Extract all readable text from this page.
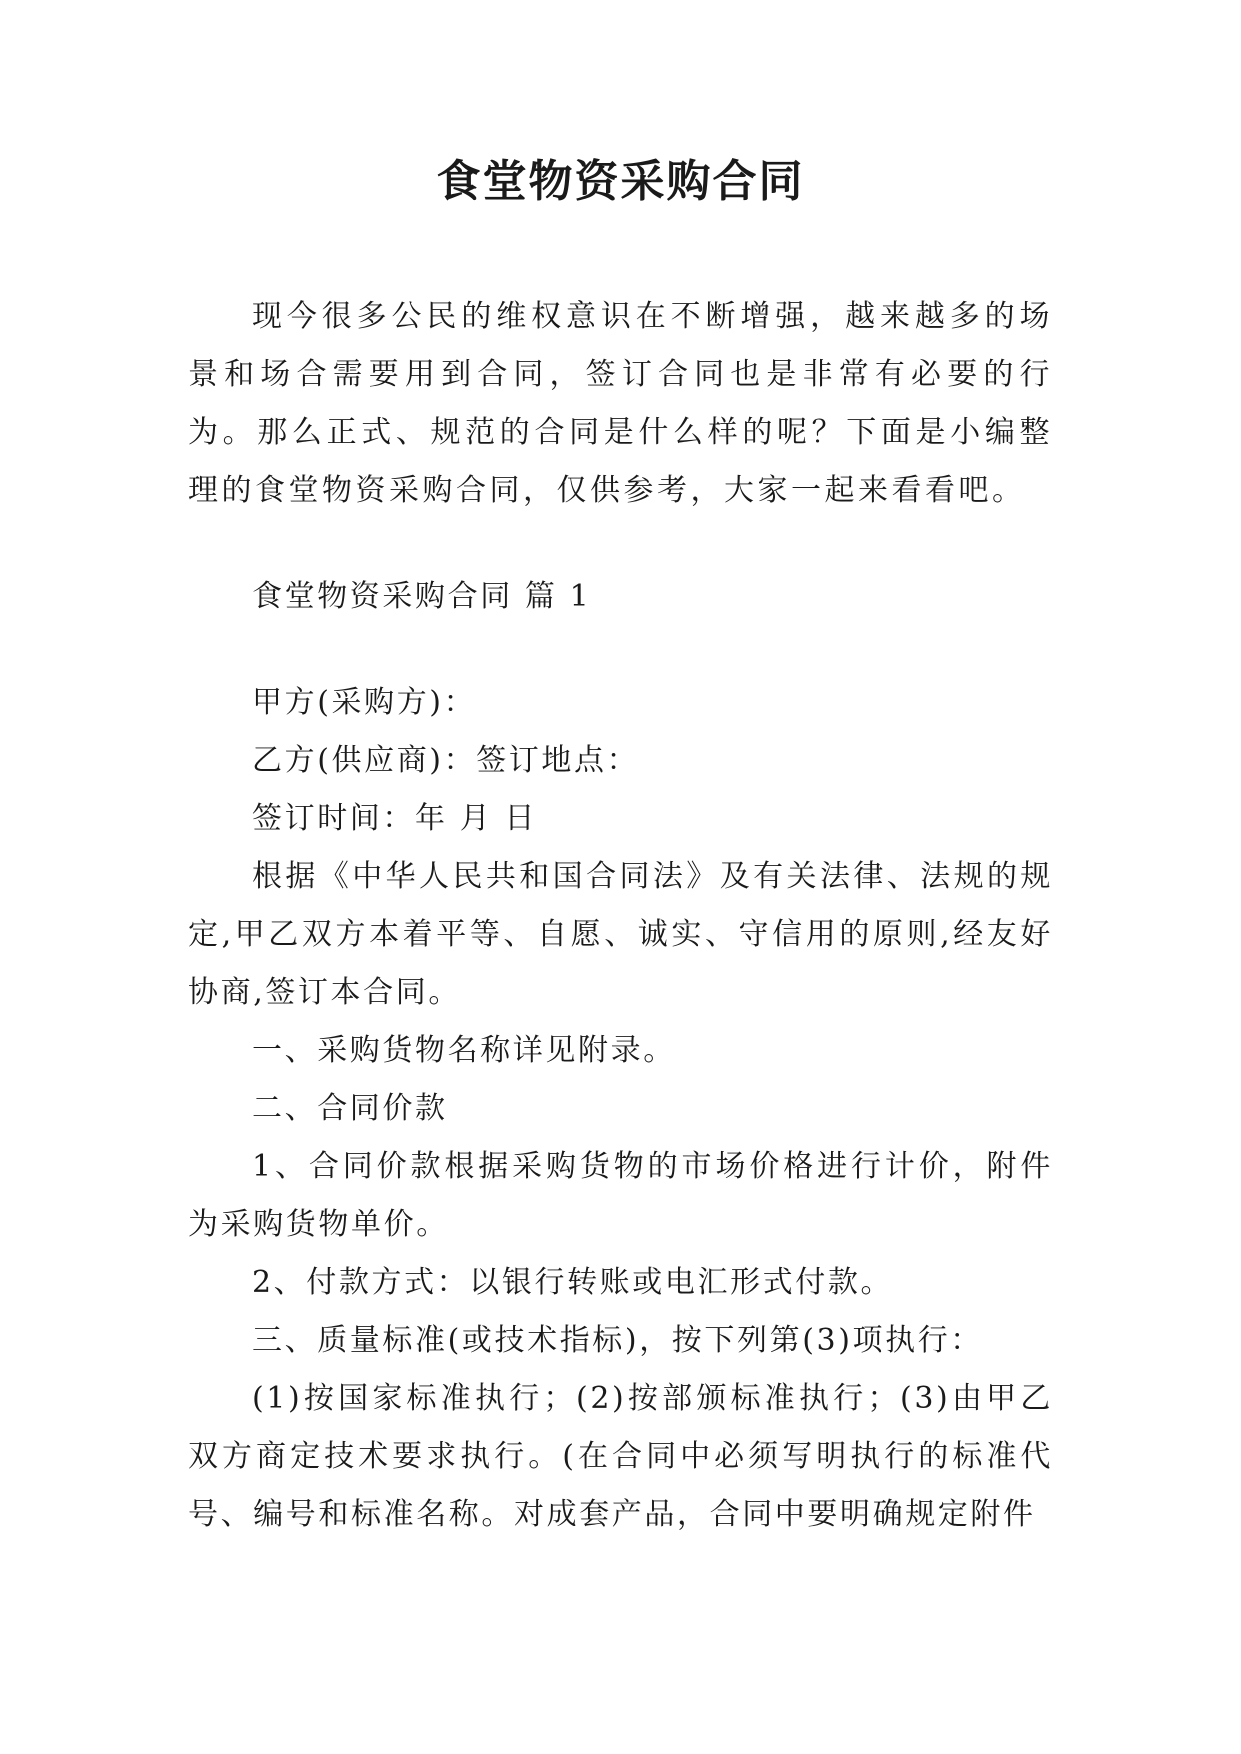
食堂物资采购合同

现今很多公民的维权意识在不断增强，越来越多的场景和场合需要用到合同，签订合同也是非常有必要的行为。那么正式、规范的合同是什么样的呢？下面是小编整理的食堂物资采购合同，仅供参考，大家一起来看看吧。

食堂物资采购合同 篇 1

甲方(采购方)：

乙方(供应商)：签订地点：

签订时间：年 月 日

根据《中华人民共和国合同法》及有关法律、法规的规定,甲乙双方本着平等、自愿、诚实、守信用的原则,经友好协商,签订本合同。

一、采购货物名称详见附录。

二、合同价款

1、合同价款根据采购货物的市场价格进行计价，附件为采购货物单价。

2、付款方式：以银行转账或电汇形式付款。

三、质量标准(或技术指标)，按下列第(3)项执行：

(1)按国家标准执行；(2)按部颁标准执行；(3)由甲乙双方商定技术要求执行。(在合同中必须写明执行的标准代号、编号和标准名称。对成套产品，合同中要明确规定附件
